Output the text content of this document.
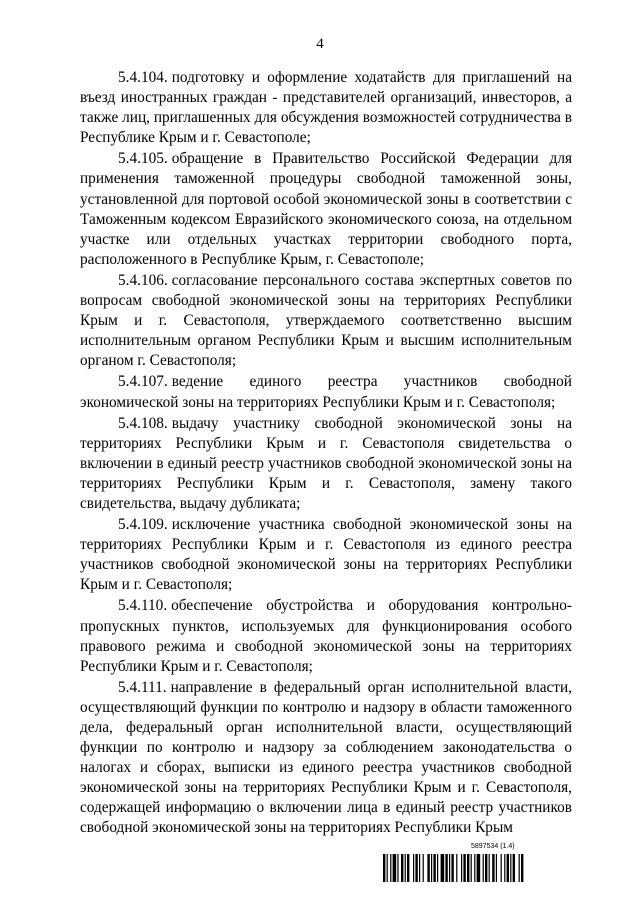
4

5.4.104. подготовку и оформление ходатайств для приглашений на въезд иностранных граждан - представителей организаций, инвесторов, а также лиц, приглашенных для обсуждения возможностей сотрудничества в Республике Крым и г. Севастополе;

5.4.105. обращение в Правительство Российской Федерации для применения таможенной процедуры свободной таможенной зоны, установленной для портовой особой экономической зоны в соответствии с Таможенным кодексом Евразийского экономического союза, на отдельном участке или отдельных участках территории свободного порта, расположенного в Республике Крым, г. Севастополе;

5.4.106. согласование персонального состава экспертных советов по вопросам свободной экономической зоны на территориях Республики Крым и г. Севастополя, утверждаемого соответственно высшим исполнительным органом Республики Крым и высшим исполнительным органом г. Севастополя;

5.4.107. ведение единого реестра участников свободной экономической зоны на территориях Республики Крым и г. Севастополя;

5.4.108. выдачу участнику свободной экономической зоны на территориях Республики Крым и г. Севастополя свидетельства о включении в единый реестр участников свободной экономической зоны на территориях Республики Крым и г. Севастополя, замену такого свидетельства, выдачу дубликата;

5.4.109. исключение участника свободной экономической зоны на территориях Республики Крым и г. Севастополя из единого реестра участников свободной экономической зоны на территориях Республики Крым и г. Севастополя;

5.4.110. обеспечение обустройства и оборудования контрольно-пропускных пунктов, используемых для функционирования особого правового режима и свободной экономической зоны на территориях Республики Крым и г. Севастополя;

5.4.111. направление в федеральный орган исполнительной власти, осуществляющий функции по контролю и надзору в области таможенного дела, федеральный орган исполнительной власти, осуществляющий функции по контролю и надзору за соблюдением законодательства о налогах и сборах, выписки из единого реестра участников свободной экономической зоны на территориях Республики Крым и г. Севастополя, содержащей информацию о включении лица в единый реестр участников свободной экономической зоны на территориях Республики Крым

5897534 (1.4)
